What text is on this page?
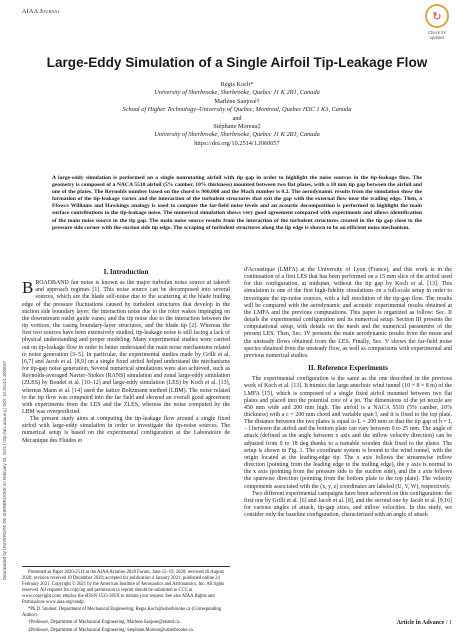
AIAA Journal	↻
Check for
updates
Downloaded by UNIVERSITE DE SHERBROOKE on February 25, 2021 | http://arc.aiaa.org | DOI: 10.2514/1.J060057
Large-Eddy Simulation of a Single Airfoil Tip-Leakage Flow
Régis Koch*
University of Sherbrooke, Sherbrooke, Quebec J1 K 2R1, Canada
Marlène Sanjosé†
School of Higher Technology–University of Quebec, Montreal, Quebec H3C 1 K3, Canada
and
Stéphane Moreau‡
University of Sherbrooke, Sherbrooke, Quebec J1 K 2R1, Canada
https://doi.org/10.2514/1.J060057
A large-eddy simulation is performed on a single nonrotating airfoil with tip gap in order to highlight the noise sources in the tip-leakage flow. The geometry is composed of a NACA 5510 airfoil (5% camber, 10% thickness) mounted between two flat plates, with a 10 mm tip gap between the airfoil and one of the plates. The Reynolds number based on the chord is 960,000 and the Mach number is 0.2. The aerodynamic results from the simulation show the formation of the tip-leakage vortex and the interaction of the turbulent structures that exit the gap with the external flow near the trailing edge. Then, a Ffowcs Williams and Hawkings analogy is used to compute the far-field noise levels and an acoustic decomposition is performed to highlight the main surface contributions to the tip-leakage noise. The numerical simulation shows very good agreement compared with experiments and allows identification of the main noise source in the tip gap. The main noise source results from the interaction of the turbulent structures created in the tip gap close to the pressure side corner with the suction side tip edge. The scraping of turbulent structures along the tip edge is shown to be an efficient noise mechanism.
I. Introduction

BROADBAND fan noise is known as the major turbofan noise source at takeoff and approach regimes [1]. This noise source can be decomposed into several sources, which are the blade self-noise due to the scattering at the blade trailing edge of the pressure fluctuations caused by turbulent structures that develop in the suction side boundary layer; the interaction noise due to the rotor wakes impinging on the downstream outlet guide vanes; and the tip noise due to the interaction between the tip vortices, the casing boundary-layer structures, and the blade tip [2]. Whereas the first two sources have been extensively studied, tip-leakage noise is still facing a lack of physical understanding and proper modeling. Many experimental studies were carried out on tip-leakage flow in order to better understand the main noise mechanisms related to noise generation [3–5]. In particular, the experimental studies made by Grilli et al. [6,7] and Jacob et al. [8,9] on a single fixed airfoil helped understand the mechanisms for tip-gap noise generation. Several numerical simulations were also achieved, such as Reynolds-averaged Navier–Stokes (RANS) simulation and zonal large-eddy simulation (ZLES) by Boudet et al. [10–12] and large-eddy simulation (LES) by Koch et al. [13], whereas Mann et al. [14] used the lattice Boltzmann method (LBM). The noise related to the tip flow was computed into the far field and showed an overall good agreement with experiments from the LES and the ZLES, whereas the noise computed by the LBM was overpredicted.

The present study aims at computing the tip-leakage flow around a single fixed airfoil with large-eddy simulation in order to investigate the tip-noise sources. The numerical setup is based on the experimental configuration at the Laboratoire de Mécanique des Fluides et

d'Acoustique (LMFA) at the University of Lyon (France), and this work is in the continuation of a first LES that has been performed on a 15 mm slice of the airfoil used for this configuration, at midspan, without the tip gap by Koch et al. [13]. This simulation is one of the first high-fidelity simulations on a full-scale setup in order to investigate the tip-noise sources, with a full resolution of the tip-gap flow. The results will be compared with the aerodynamic and acoustic experimental results obtained at the LMFA and the previous computations. This paper is organized as follow: Sec. II details the experimental configuration and its numerical setup. Section III presents the computational setup, with details on the mesh and the numerical parameters of the present LES. Then, Sec. IV presents the main aerodynamic results from the mean and the unsteady flows obtained from the LES. Finally, Sec. V shows the far-field noise spectra obtained from the unsteady flow, as well as comparisons with experimental and previous numerical studies.

II. Reference Experiments

The experimental configuration is the same as the one described in the previous work of Koch et al. [13]. It mimics the large anechoic wind tunnel (10 × 8 × 8 m) of the LMFA [15], which is composed of a single fixed airfoil mounted between two flat plates and placed into the potential core of a jet. The dimensions of the jet nozzle are 450 mm wide and 200 mm high. The airfoil is a NACA 5510 (5% camber, 10% thickness) with a c = 200 mm chord and variable span l, and it is fixed to the top plate. The distance between the two plates is equal to L = 200 mm so that the tip gap of h = L − l between the airfoil and the bottom plate can vary between 0 to 25 mm. The angle of attack (defined as the angle between x axis and the inflow velocity direction) can be adjusted from 0 to 18 deg thanks to a turnable wooden disk fixed to the plates. The setup is shown in Fig. 1. The coordinate system is bound to the wind tunnel, with the origin located at the leading-edge tip. The x axis follows the streamwise inflow direction (pointing from the leading edge to the trailing edge), the y axis is normal to the x axis (pointing from the pressure side to the suction side), and the z axis follows the spanwise direction (pointing from the bottom plate to the top plate). The velocity components associated with the (x, y, z) coordinates are labeled (U, V, W), respectively.

Two different experimental campaigns have been achieved on this configuration: the first one by Grilli et al. [6] and Jacob et al. [8], and the second one by Jacob et al. [9,16] for various angles of attack, tip-gap sizes, and inflow velocities. In this study, we consider only the baseline configuration, characterized with an angle of attack

Presented as Paper 2020-2514 at the AIAA Aviation 2020 Forum, June 15–19, 2020; received 10 August 2020; revision received 10 December 2020; accepted for publication 4 January 2021; published online 24 February 2021. Copyright © 2021 by the American Institute of Aeronautics and Astronautics, Inc. All rights reserved. All requests for copying and permission to reprint should be submitted to CCC at www.copyright.com; employ the eISSN 1533-385X to initiate your request. See also AIAA Rights and Permissions www.aiaa.org/randp.

*Ph.D. Student, Department of Mechanical Engineering; Regis.Koch@usherbrooke.ca (Corresponding Author).

†Professor, Department of Mechanical Engineering; Marlene.Sanjose@etsmtl.ca.

‡Professor, Department of Mechanical Engineering; Stephane.Moreau@usherbrooke.ca.

Article in Advance / 1
